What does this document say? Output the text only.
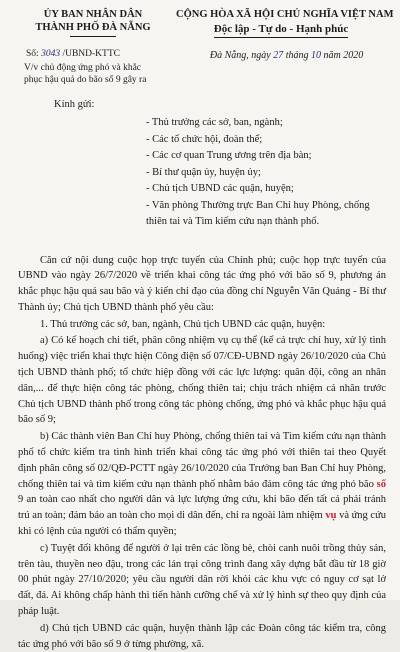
ỦY BAN NHÂN DÂN
THÀNH PHỐ ĐÀ NẴNG
CỘNG HÒA XÃ HỘI CHỦ NGHĨA VIỆT NAM
Độc lập - Tự do - Hạnh phúc
Số: 3043 /UBND-KTTC
V/v chủ động ứng phó và khắc
phục hậu quả do bão số 9 gây ra
Đà Nẵng, ngày 27 tháng 10 năm 2020
Kính gửi:
- Thủ trưởng các sở, ban, ngành;
- Các tổ chức hội, đoàn thể;
- Các cơ quan Trung ương trên địa bàn;
- Bí thư quận ủy, huyện ủy;
- Chủ tịch UBND các quận, huyện;
- Văn phòng Thường trực Ban Chỉ huy Phòng, chống thiên tai và Tìm kiếm cứu nạn thành phố.

Căn cứ nội dung cuộc họp trực tuyến của Chính phủ; cuộc họp trực tuyến của UBND vào ngày 26/7/2020 về triển khai công tác ứng phó với bão số 9, phương án khắc phục hậu quả sau bão và ý kiến chỉ đạo của đồng chí Nguyễn Văn Quảng - Bí thư Thành ủy; Chủ tịch UBND thành phố yêu cầu:

1. Thủ trưởng các sở, ban, ngành, Chủ tịch UBND các quận, huyện:

a) Có kế hoạch chi tiết, phân công nhiệm vụ cụ thể (kể cả trực chỉ huy, xử lý tình huống) việc triển khai thực hiện Công điện số 07/CĐ-UBND ngày 26/10/2020 của Chủ tịch UBND thành phố; tổ chức hiệp đồng với các lực lượng: quân đội, công an nhân dân,... để thực hiện công tác phòng, chống thiên tai; chịu trách nhiệm cá nhân trước Chủ tịch UBND thành phố trong công tác phòng chống, ứng phó và khắc phục hậu quả bão số 9;

b) Các thành viên Ban Chỉ huy Phòng, chống thiên tai và Tìm kiếm cứu nạn thành phố tổ chức kiểm tra tình hình triển khai công tác ứng phó với thiên tai theo Quyết định phân công số 02/QĐ-PCTT ngày 26/10/2020 của Trưởng ban Ban Chỉ huy Phòng, chống thiên tai và tìm kiếm cứu nạn thành phố nhằm bảo đảm công tác ứng phó bão số 9 an toàn cao nhất cho người dân và lực lượng ứng cứu, khi bão đến tất cả phải tránh trú an toàn; đảm bảo an toàn cho mọi di dân đến, chỉ ra ngoài làm nhiệm vụ và ứng cứu khi có lệnh của người có thẩm quyền;

c) Tuyệt đối không để người ở lại trên các lồng bè, chòi canh nuôi trồng thủy sản, trên tàu, thuyền neo đậu, trong các lán trại công trình đang xây dựng bắt đầu từ 18 giờ 00 phút ngày 27/10/2020; yêu cầu người dân rời khỏi các khu vực có nguy cơ sạt lở đất, đá. Ai không chấp hành thì tiến hành cưỡng chế và xử lý hình sự theo quy định của pháp luật.

d) Chủ tịch UBND các quận, huyện thành lập các Đoàn công tác kiểm tra, công tác ứng phó với bão số 9 ở từng phường, xã.
